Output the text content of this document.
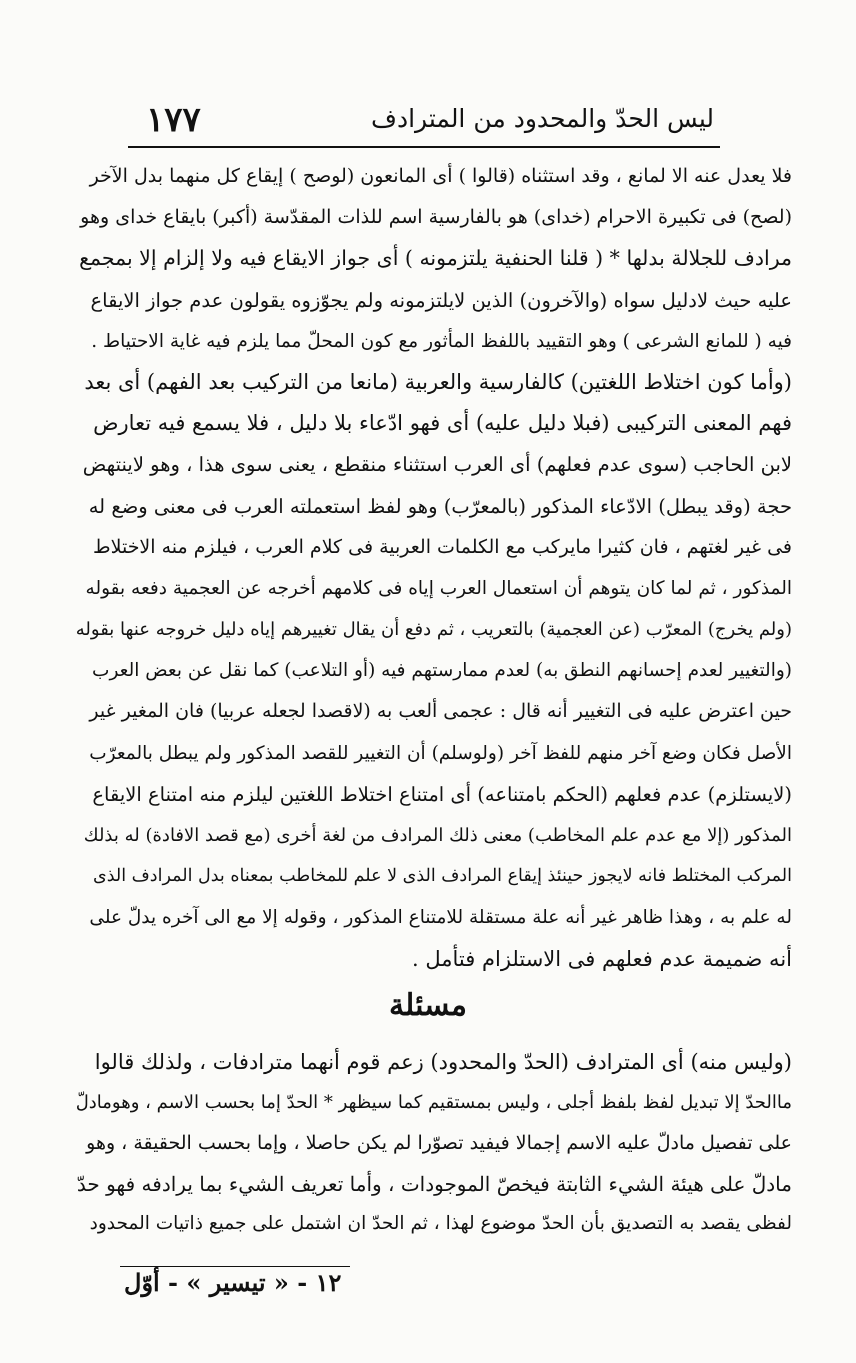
١٧٧	ليس الحدّ والمحدود من المترادف
فلا يعدل عنه الا لمانع ، وقد استثناه (قالوا ) أى المانعون (لوصح ) إيقاع كل منهما بدل الآخر
(لصح) فى تكبيرة الاحرام (خداى) هو بالفارسية اسم للذات المقدّسة (أكبر) بايقاع خداى وهو
مرادف للجلالة بدلها * ( قلنا الحنفية يلتزمونه ) أى جواز الايقاع فيه ولا إلزام إلا بمجمع
عليه حيث لادليل سواه (والآخرون) الذين لايلتزمونه ولم يجوّزوه يقولون عدم جواز الايقاع
فيه ( للمانع الشرعى ) وهو التقييد باللفظ المأثور مع كون المحلّ مما يلزم فيه غاية الاحتياط .
(وأما كون اختلاط اللغتين) كالفارسية والعربية (مانعا من التركيب بعد الفهم) أى بعد
فهم المعنى التركيبى (فبلا دليل عليه) أى فهو ادّعاء بلا دليل ، فلا يسمع فيه تعارض
لابن الحاجب (سوى عدم فعلهم) أى العرب استثناء منقطع ، يعنى سوى هذا ، وهو لاينتهض
حجة (وقد يبطل) الادّعاء المذكور (بالمعرّب) وهو لفظ استعملته العرب فى معنى وضع له
فى غير لغتهم ، فان كثيرا مايركب مع الكلمات العربية فى كلام العرب ، فيلزم منه الاختلاط
المذكور ، ثم لما كان يتوهم أن استعمال العرب إياه فى كلامهم أخرجه عن العجمية دفعه بقوله
(ولم يخرج) المعرّب (عن العجمية) بالتعريب ، ثم دفع أن يقال تغييرهم إياه دليل خروجه عنها بقوله
(والتغيير لعدم إحسانهم النطق به) لعدم ممارستهم فيه (أو التلاعب) كما نقل عن بعض العرب
حين اعترض عليه فى التغيير أنه قال : عجمى ألعب به (لاقصدا لجعله عربيا) فان المغير غير
الأصل فكان وضع آخر منهم للفظ آخر (ولوسلم) أن التغيير للقصد المذكور ولم يبطل بالمعرّب
(لايستلزم) عدم فعلهم (الحكم بامتناعه) أى امتناع اختلاط اللغتين ليلزم منه امتناع الايقاع
المذكور (إلا مع عدم علم المخاطب) معنى ذلك المرادف من لغة أخرى (مع قصد الافادة) له بذلك
المركب المختلط فانه لايجوز حينئذ إيقاع المرادف الذى لا علم للمخاطب بمعناه بدل المرادف الذى
له علم به ، وهذا ظاهر غير أنه علة مستقلة للامتناع المذكور ، وقوله إلا مع الى آخره يدلّ على
أنه ضميمة عدم فعلهم فى الاستلزام فتأمل .
مسئلة
(وليس منه) أى المترادف (الحدّ والمحدود) زعم قوم أنهما مترادفات ، ولذلك قالوا
ماالحدّ إلا تبديل لفظ بلفظ أجلى ، وليس بمستقيم كما سيظهر * الحدّ إما بحسب الاسم ، وهومادلّ
على تفصيل مادلّ عليه الاسم إجمالا فيفيد تصوّرا لم يكن حاصلا ، وإما بحسب الحقيقة ، وهو
مادلّ على هيئة الشيء الثابتة فيخصّ الموجودات ، وأما تعريف الشيء بما يرادفه فهو حدّ
لفظى يقصد به التصديق بأن الحدّ موضوع لهذا ، ثم الحدّ ان اشتمل على جميع ذاتيات المحدود
١٢ - « تيسير » - أوّل
